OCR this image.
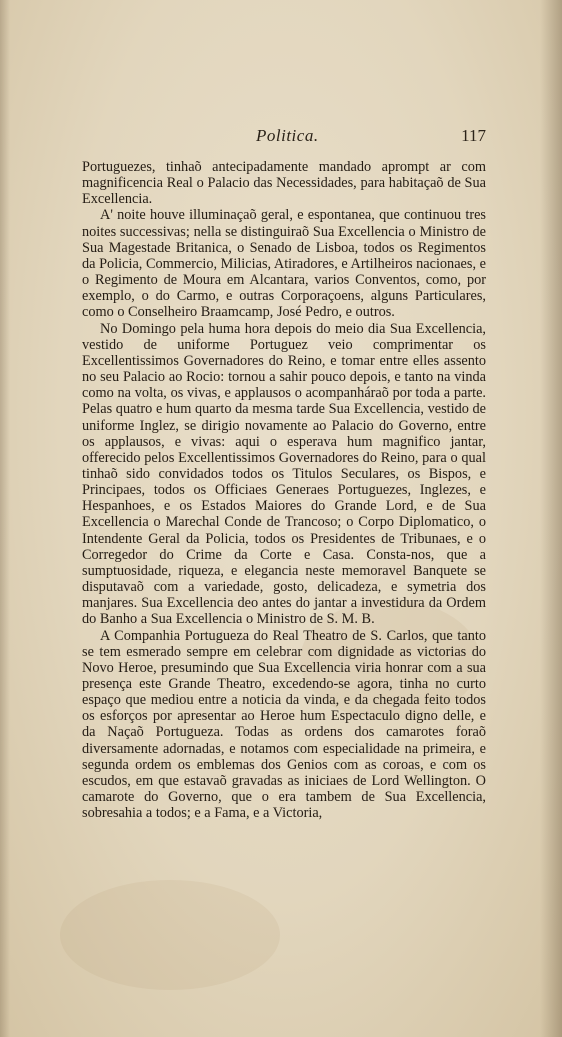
Politica.	117

Portuguezes, tinhaõ antecipadamente mandado aprompt ar com magnificencia Real o Palacio das Necessidades, para habitaçaõ de Sua Excellencia.

A' noite houve illuminaçaõ geral, e espontanea, que continuou tres noites successivas; nella se distinguiraõ Sua Excellencia o Ministro de Sua Magestade Britanica, o Senado de Lisboa, todos os Regimentos da Policia, Commercio, Milicias, Atiradores, e Artilheiros nacionaes, e o Regimento de Moura em Alcantara, varios Conventos, como, por exemplo, o do Carmo, e outras Corporaçoens, alguns Particulares, como o Conselheiro Braamcamp, José Pedro, e outros.

No Domingo pela huma hora depois do meio dia Sua Excellencia, vestido de uniforme Portuguez veio comprimentar os Excellentissimos Governadores do Reino, e tomar entre elles assento no seu Palacio ao Rocio: tornou a sahir pouco depois, e tanto na vinda como na volta, os vivas, e applausos o acompanháraõ por toda a parte. Pelas quatro e hum quarto da mesma tarde Sua Excellencia, vestido de uniforme Inglez, se dirigio novamente ao Palacio do Governo, entre os applausos, e vivas: aqui o esperava hum magnifico jantar, offerecido pelos Excellentissimos Governadores do Reino, para o qual tinhaõ sido convidados todos os Titulos Seculares, os Bispos, e Principaes, todos os Officiaes Generaes Portuguezes, Inglezes, e Hespanhoes, e os Estados Maiores do Grande Lord, e de Sua Excellencia o Marechal Conde de Trancoso; o Corpo Diplomatico, o Intendente Geral da Policia, todos os Presidentes de Tribunaes, e o Corregedor do Crime da Corte e Casa. Consta-nos, que a sumptuosidade, riqueza, e elegancia neste memoravel Banquete se disputavaõ com a variedade, gosto, delicadeza, e symetria dos manjares. Sua Excellencia deo antes do jantar a investidura da Ordem do Banho a Sua Excellencia o Ministro de S. M. B.

A Companhia Portugueza do Real Theatro de S. Carlos, que tanto se tem esmerado sempre em celebrar com dignidade as victorias do Novo Heroe, presumindo que Sua Excellencia viria honrar com a sua presença este Grande Theatro, excedendo-se agora, tinha no curto espaço que mediou entre a noticia da vinda, e da chegada feito todos os esforços por apresentar ao Heroe hum Espectaculo digno delle, e da Naçaõ Portugueza. Todas as ordens dos camarotes foraõ diversamente adornadas, e notamos com especialidade na primeira, e segunda ordem os emblemas dos Genios com as coroas, e com os escudos, em que estavaõ gravadas as iniciaes de Lord Wellington. O camarote do Governo, que o era tambem de Sua Excellencia, sobresahia a todos; e a Fama, e a Victoria,
